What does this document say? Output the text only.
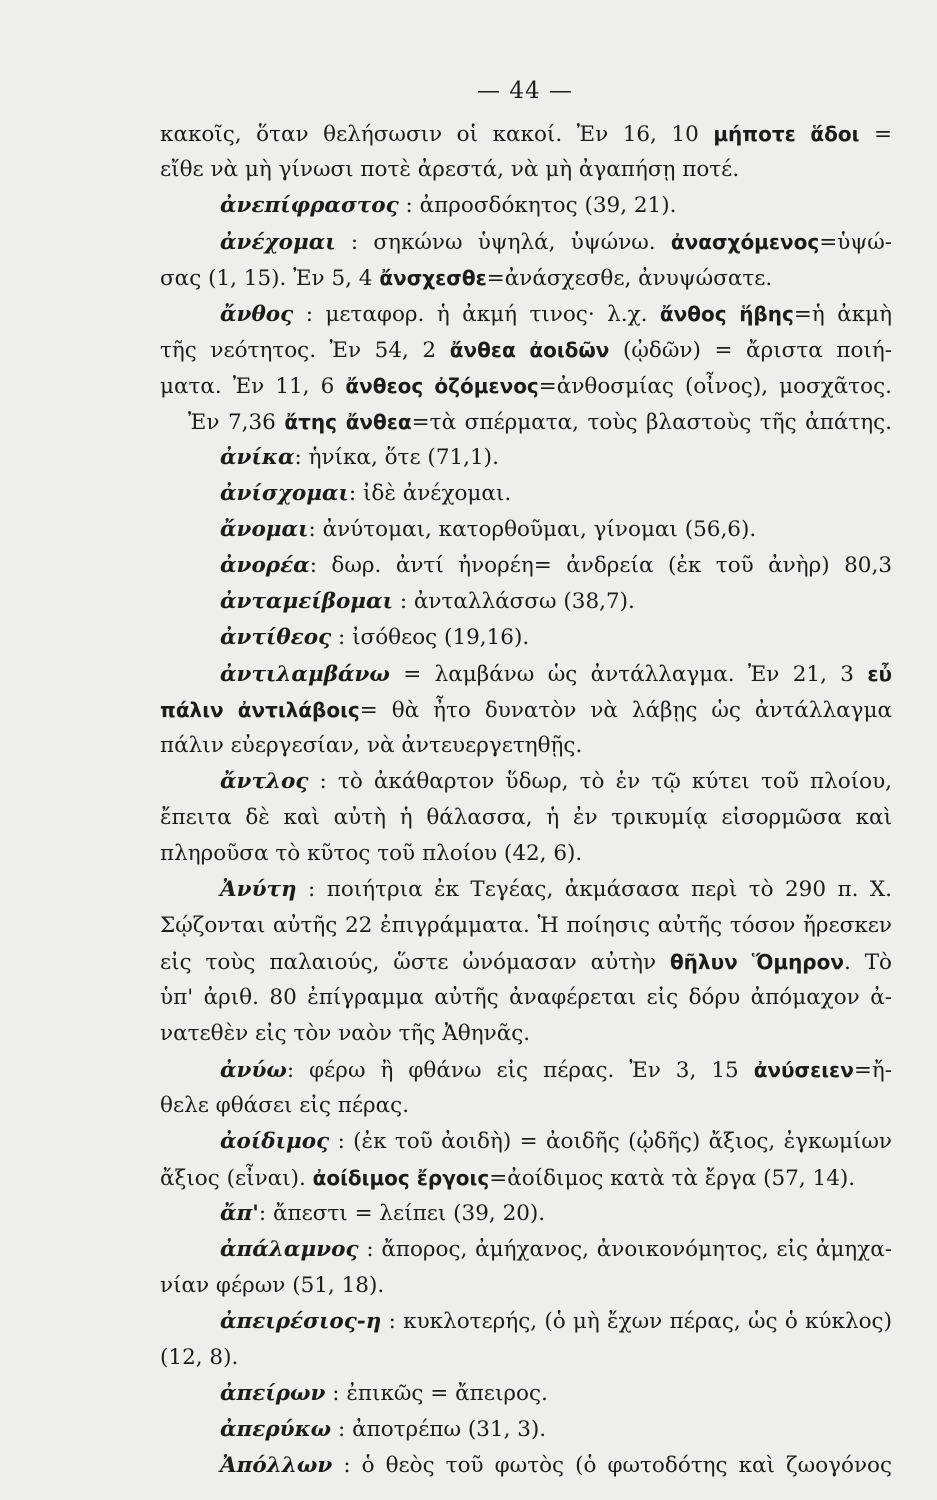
— 44 —
κακοῖς, ὅταν θελήσωσιν οἱ κακοί. Ἐν 16, 10 μήποτε ἅδοι =
εἴθε νὰ μὴ γίνωσι ποτὲ ἀρεστά, νὰ μὴ ἀγαπήσῃ ποτέ.
ἀνεπίφραστος : ἀπροσδόκητος (39, 21).
ἀνέχομαι : σηκώνω ὑψηλά, ὑψώνω. ἀνασχόμενος=ὑψώ-
σας (1, 15). Ἐν 5, 4 ἄνσχεσθε=ἀνάσχεσθε, ἀνυψώσατε.
ἄνθος : μεταφορ. ἡ ἀκμή τινος· λ.χ. ἄνθος ἥβης=ἡ ἀκμὴ
τῆς νεότητος. Ἐν 54, 2 ἄνθεα ἀοιδῶν (ᾠδῶν) = ἄριστα ποιή-
ματα. Ἐν 11, 6 ἄνθεος ὀζόμενος=ἀνθοσμίας (οἶνος), μοσχᾶτος.
Ἐν 7,36 ἄτης ἄνθεα=τὰ σπέρματα, τοὺς βλαστοὺς τῆς ἀπάτης.
ἀνίκα: ἡνίκα, ὅτε (71,1).
ἀνίσχομαι: ἰδὲ ἀνέχομαι.
ἄνομαι: ἀνύτομαι, κατορθοῦμαι, γίνομαι (56,6).
ἀνορέα: δωρ. ἀντί ἠνορέη= ἀνδρεία (ἐκ τοῦ ἀνὴρ) 80,3
ἀνταμείβομαι : ἀνταλλάσσω (38,7).
ἀντίθεος : ἰσόθεος (19,16).
ἀντιλαμβάνω = λαμβάνω ὡς ἀντάλλαγμα. Ἐν 21, 3 εὖ
πάλιν ἀντιλάβοις= θὰ ἦτο δυνατὸν νὰ λάβῃς ὡς ἀντάλλαγμα
πάλιν εὐεργεσίαν, νὰ ἀντευεργετηθῇς.
ἄντλος : τὸ ἀκάθαρτον ὕδωρ, τὸ ἐν τῷ κύτει τοῦ πλοίου,
ἔπειτα δὲ καὶ αὐτὴ ἡ θάλασσα, ἡ ἐν τρικυμίᾳ εἰσορμῶσα καὶ
πληροῦσα τὸ κῦτος τοῦ πλοίου (42, 6).
Ἀνύτη : ποιήτρια ἐκ Τεγέας, ἀκμάσασα περὶ τὸ 290 π. Χ.
Σῴζονται αὐτῆς 22 ἐπιγράμματα. Ἡ ποίησις αὐτῆς τόσον ἤρεσκεν
εἰς τοὺς παλαιούς, ὥστε ὠνόμασαν αὐτὴν θῆλυν Ὅμηρον. Τὸ
ὑπ' ἀριθ. 80 ἐπίγραμμα αὐτῆς ἀναφέρεται εἰς δόρυ ἀπόμαχον ἀ-
νατεθὲν εἰς τὸν ναὸν τῆς Ἀθηνᾶς.
ἀνύω: φέρω ἢ φθάνω εἰς πέρας. Ἐν 3, 15 ἀνύσειεν=ἤ-
θελε φθάσει εἰς πέρας.
ἀοίδιμος : (ἐκ τοῦ ἀοιδὴ) = ἀοιδῆς (ᾠδῆς) ἄξιος, ἐγκωμίων
ἄξιος (εἶναι). ἀοίδιμος ἔργοις=ἀοίδιμος κατὰ τὰ ἔργα (57, 14).
ἄπ': ἄπεστι = λείπει (39, 20).
ἀπάλαμνος : ἄπορος, ἀμήχανος, ἀνοικονόμητος, εἰς ἀμηχα-
νίαν φέρων (51, 18).
ἀπειρέσιος-η : κυκλοτερής, (ὁ μὴ ἔχων πέρας, ὡς ὁ κύκλος)
(12, 8).
ἀπείρων : ἐπικῶς = ἄπειρος.
ἀπερύκω : ἀποτρέπω (31, 3).
Ἀπόλλων : ὁ θεὸς τοῦ φωτὸς (ὁ φωτοδότης καὶ ζωογόνος
